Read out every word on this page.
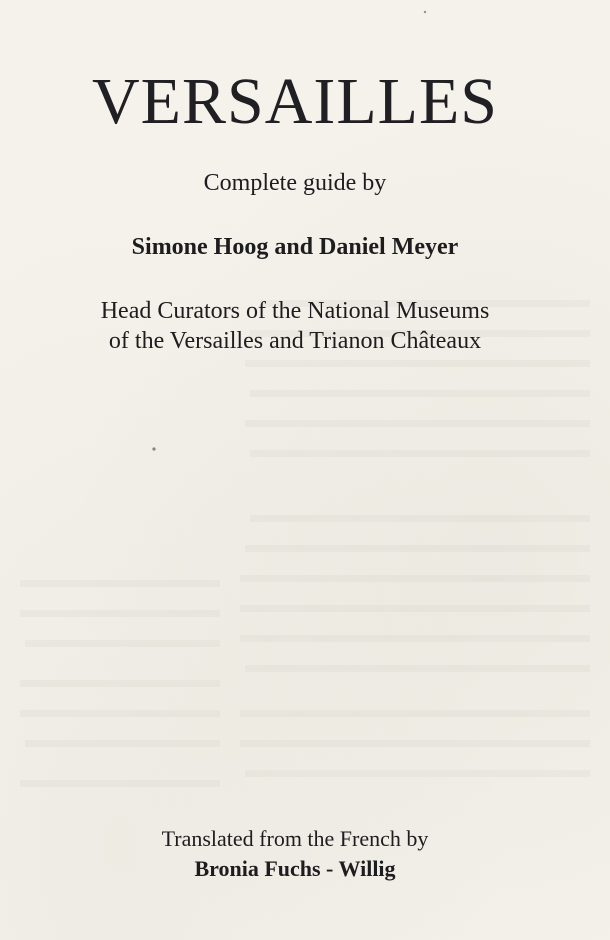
VERSAILLES
Complete guide by
Simone Hoog and Daniel Meyer
Head Curators of the National Museums
of the Versailles and Trianon Châteaux
Translated from the French by
Bronia Fuchs - Willig
